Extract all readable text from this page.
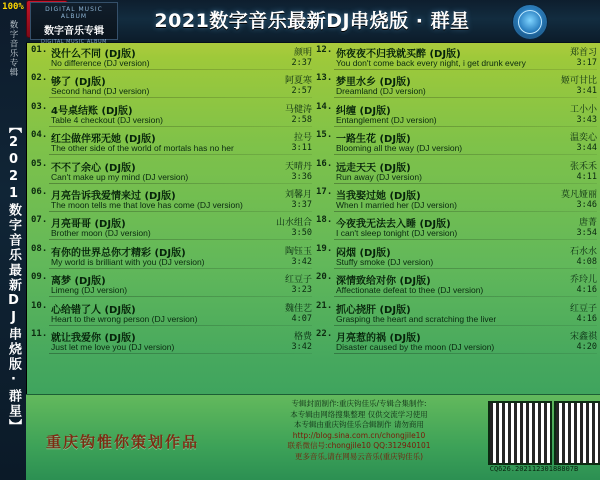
100%
数字音乐专辑
【2021数字音乐最新DJ串烧版·群星】
DIGITAL MUSIC ALBUM
数字音乐专辑
DIGITAL MUSIC ALBUM
2021数字音乐最新DJ串烧版 · 群星
01. 没什么不同 (DJ版)	颜明
No difference (DJ version)	2:37
02. 够了 (DJ版)	阿夏寒
Second hand (DJ version)	2:57
03. 4号桌结账 (DJ版)	马健涛
Table 4 checkout (DJ version)	2:58
04. 红尘做伴邪无她 (DJ版)	拉号
The other side of the world of mortals has no her	3:11
05. 不不了余心 (DJ版)	天晴丹
Can't make up my mind (DJ version)	3:36
06. 月亮告诉我爱情来过 (DJ版)	刘馨月
The moon tells me that love has come (DJ version)	3:37
07. 月亮哥哥 (DJ版)	山水组合
Brother moon (DJ version)	3:50
08. 有你的世界总你才精彩 (DJ版)	陶钰玉
My world is brilliant with you (DJ version)	3:42
09. 离梦 (DJ版)	红豆子
Limeng (DJ version)	3:23
10. 心给错了人 (DJ版)	魏佳艺
Heart to the wrong person (DJ version)	4:07
11. 就让我爱你 (DJ版)	格费
Just let me love you (DJ version)	3:42
12. 你夜夜不归我就买醉 (DJ版)	郑首习
You don't come back every night, i get drunk every	3:17
13. 梦里水乡 (DJ版)	姬可甘比
Dreamland (DJ version)	3:41
14. 纠缠 (DJ版)	工小小
Entanglement (DJ version)	3:43
15. 一路生花 (DJ版)	温奕心
Blooming all the way (DJ version)	3:44
16. 远走天天 (DJ版)	张禾禾
Run away (DJ version)	4:11
17. 当我娶过她 (DJ版)	莫凡娅丽
When I married her (DJ version)	3:46
18. 今夜我无法去入睡 (DJ版)	唐菁
I can't sleep tonight (DJ version)	3:54
19. 闷烟 (DJ版)	石水水
Stuffy smoke (DJ version)	4:08
20. 深情致给对你 (DJ版)	乔玲儿
Affectionate defeat to thee (DJ version)	4:16
21. 抓心挠肝 (DJ版)	红豆子
Grasping the heart and scratching the liver	4:16
22. 月亮惹的祸 (DJ版)	宋鑫祺
Disaster caused by the moon (DJ version)	4:20
重庆钩惟你策划作品
专辑封面制作:重庆钩佳乐/专辑合集制作:
本专辑由网络搜集整理 仅供交流学习使用
本专辑由重庆钩佳乐合辑制作 请勿商用
http://blog.sina.com.cn/chongjile10
联系微信号:chongjile10 QQ:312940101
更多音乐,请在网易云音乐(重庆钩佳乐)
CQ626.20211230188807B
